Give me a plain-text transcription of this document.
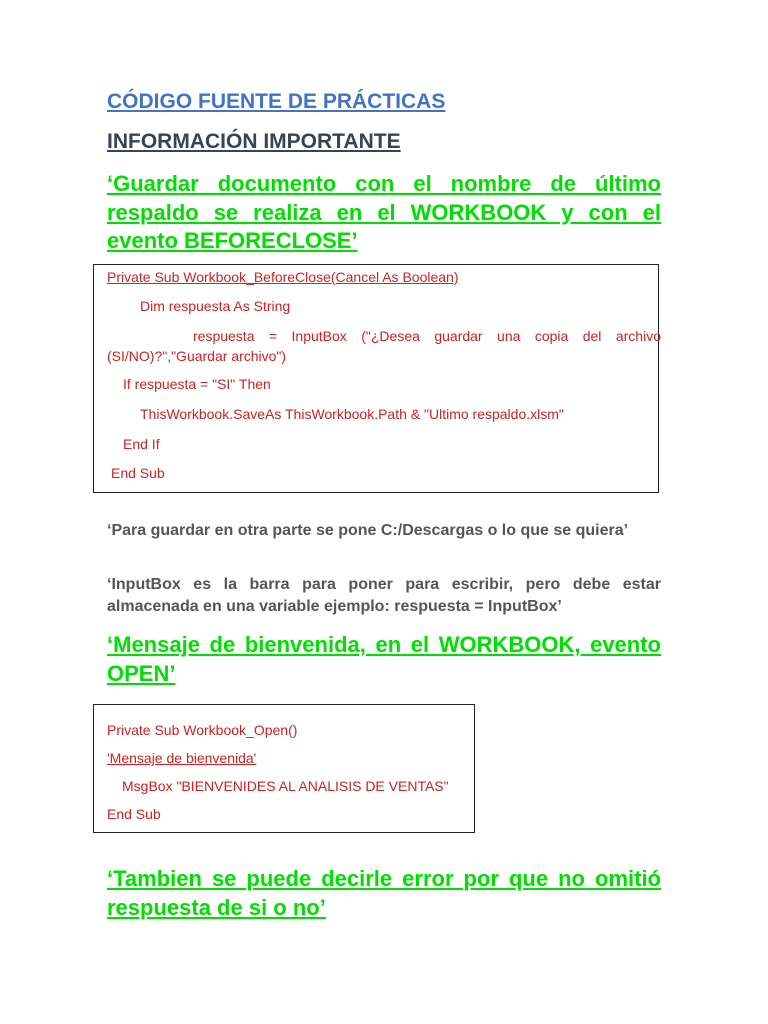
CÓDIGO FUENTE DE PRÁCTICAS
INFORMACIÓN IMPORTANTE
‘Guardar documento con el nombre de último respaldo se realiza en el WORKBOOK y con el evento BEFORECLOSE’
Private Sub Workbook_BeforeClose(Cancel As Boolean)
Dim respuesta As String
respuesta = InputBox ("¿Desea guardar una copia del archivo
(SI/NO)?","Guardar archivo")
If respuesta = "SI" Then
ThisWorkbook.SaveAs ThisWorkbook.Path & "Ultimo respaldo.xlsm"
End If
End Sub
‘Para guardar en otra parte se pone C:/Descargas o lo que se quiera’
‘InputBox es la barra para poner para escribir, pero debe estar almacenada en una variable ejemplo: respuesta = InputBox’
‘Mensaje de bienvenida, en el WORKBOOK, evento OPEN’
Private Sub Workbook_Open()
'Mensaje de bienvenida'
MsgBox "BIENVENIDES AL ANALISIS DE VENTAS"
End Sub
‘Tambien se puede decirle error por que no omitió respuesta de si o no’
